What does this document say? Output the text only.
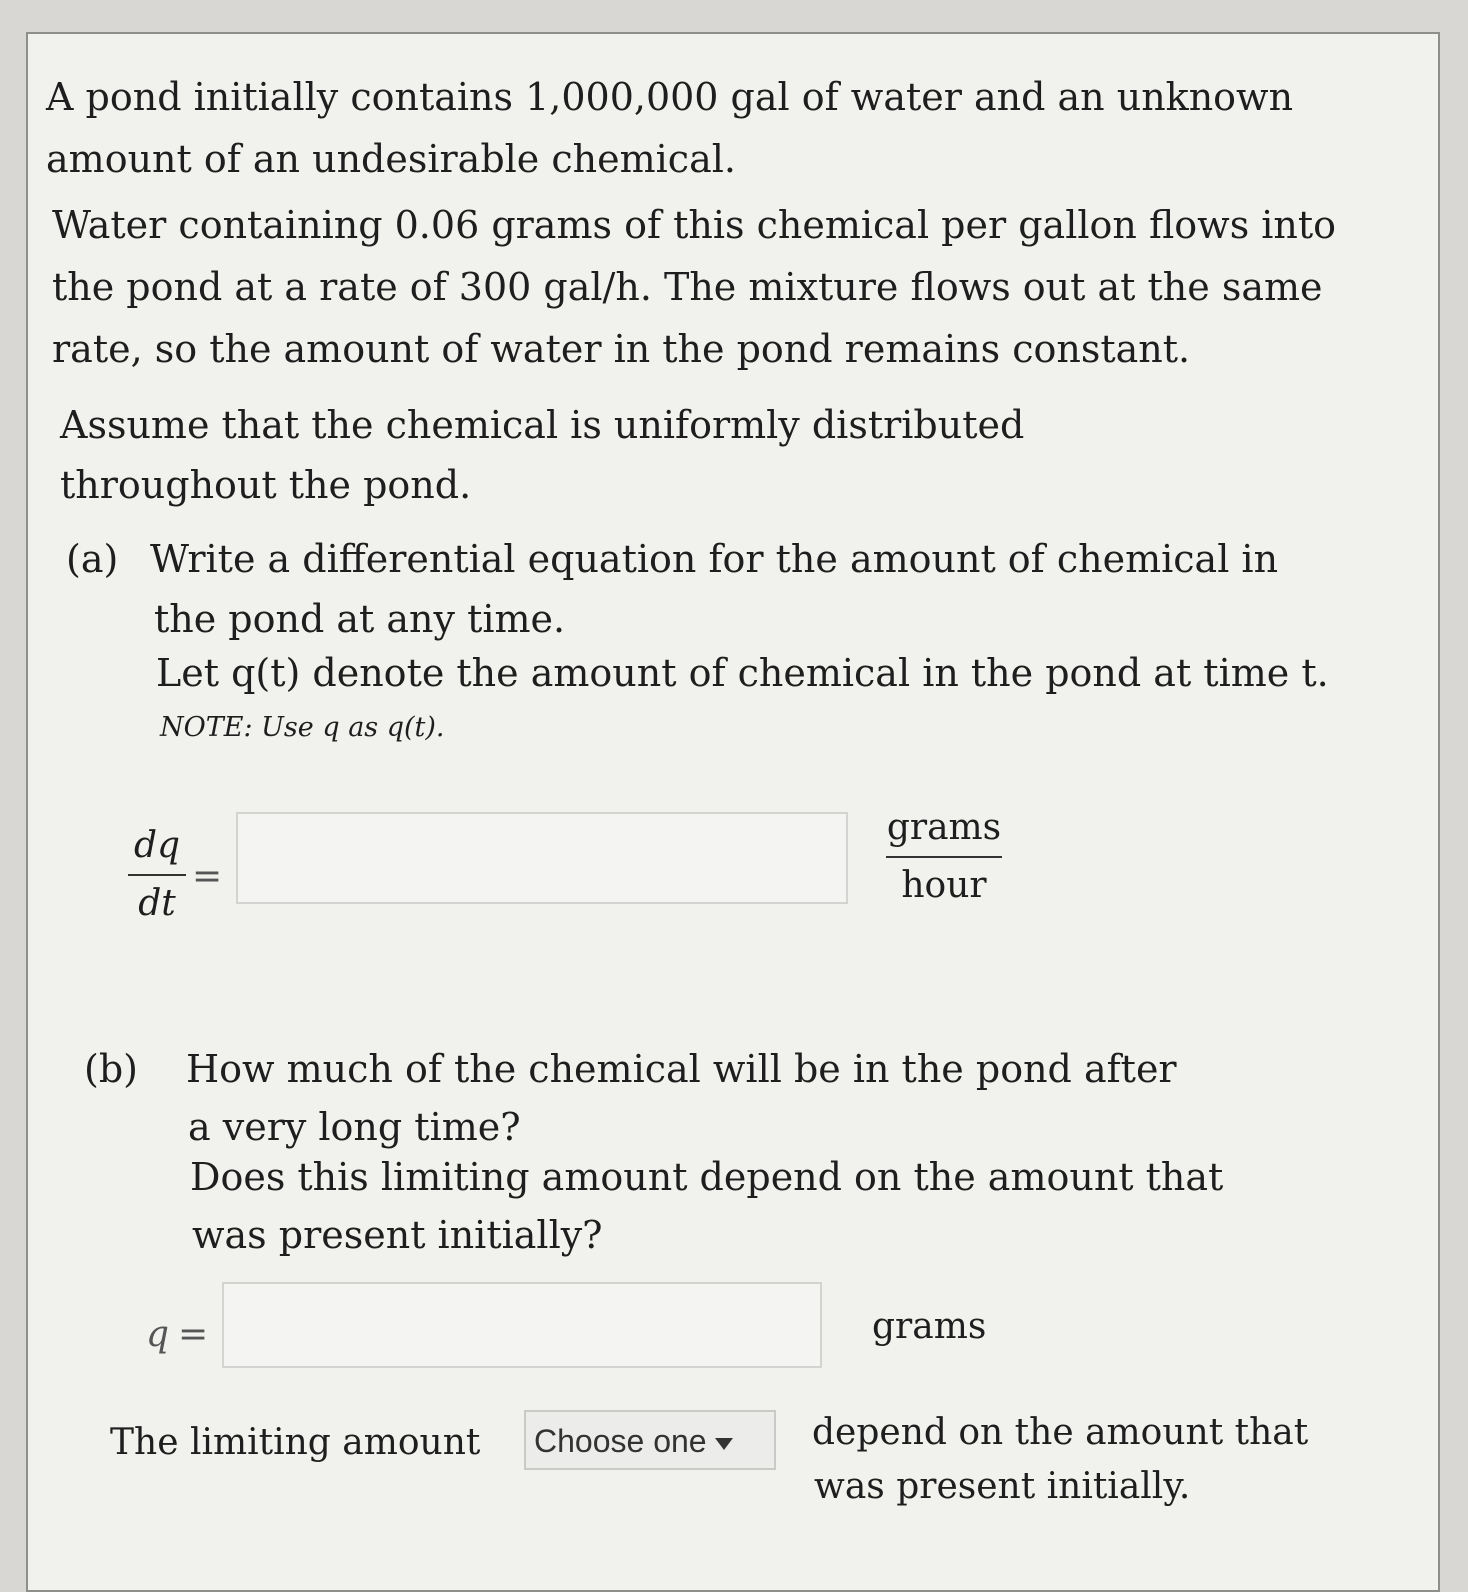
A pond initially contains 1,000,000 gal of water and an unknown

amount of an undesirable chemical.

Water containing 0.06 grams of this chemical per gallon flows into

the pond at a rate of 300 gal/h. The mixture flows out at the same

rate, so the amount of water in the pond remains constant.

Assume that the chemical is uniformly distributed

throughout the pond.

(a) Write a differential equation for the amount of chemical in

the pond at any time.

Let q(t) denote the amount of chemical in the pond at time t.

NOTE: Use q as q(t).

dq
dt
=
grams
hour
(b) How much of the chemical will be in the pond after

a very long time?

Does this limiting amount depend on the amount that

was present initially?

q =	grams
The limiting amount	Choose one	depend on the amount that

was present initially.
